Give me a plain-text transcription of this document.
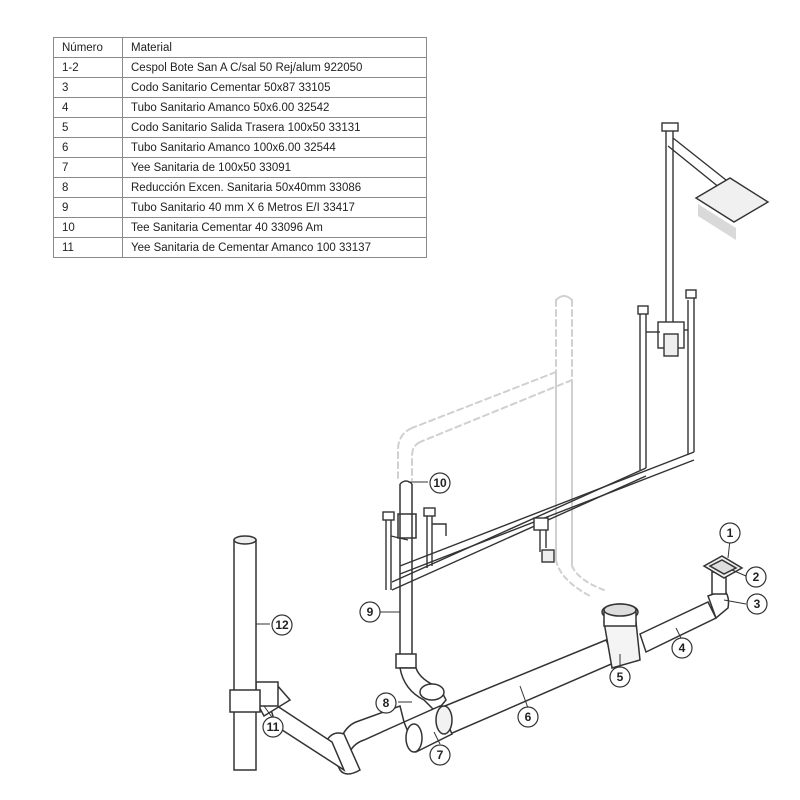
Número	Material
1-2	Cespol Bote San A C/sal 50 Rej/alum 922050
3	Codo Sanitario Cementar 50x87 33105
4	Tubo Sanitario Amanco 50x6.00 32542
5	Codo Sanitario Salida Trasera 100x50 33131
6	Tubo Sanitario Amanco 100x6.00 32544
7	Yee Sanitaria de 100x50 33091
8	Reducción Excen. Sanitaria 50x40mm 33086
9	Tubo Sanitario 40 mm X 6 Metros E/I 33417
10	Tee Sanitaria Cementar 40 33096 Am
11	Yee Sanitaria de Cementar Amanco 100 33137
1
2
3
4
5
6
7
8
9
10
11
12
